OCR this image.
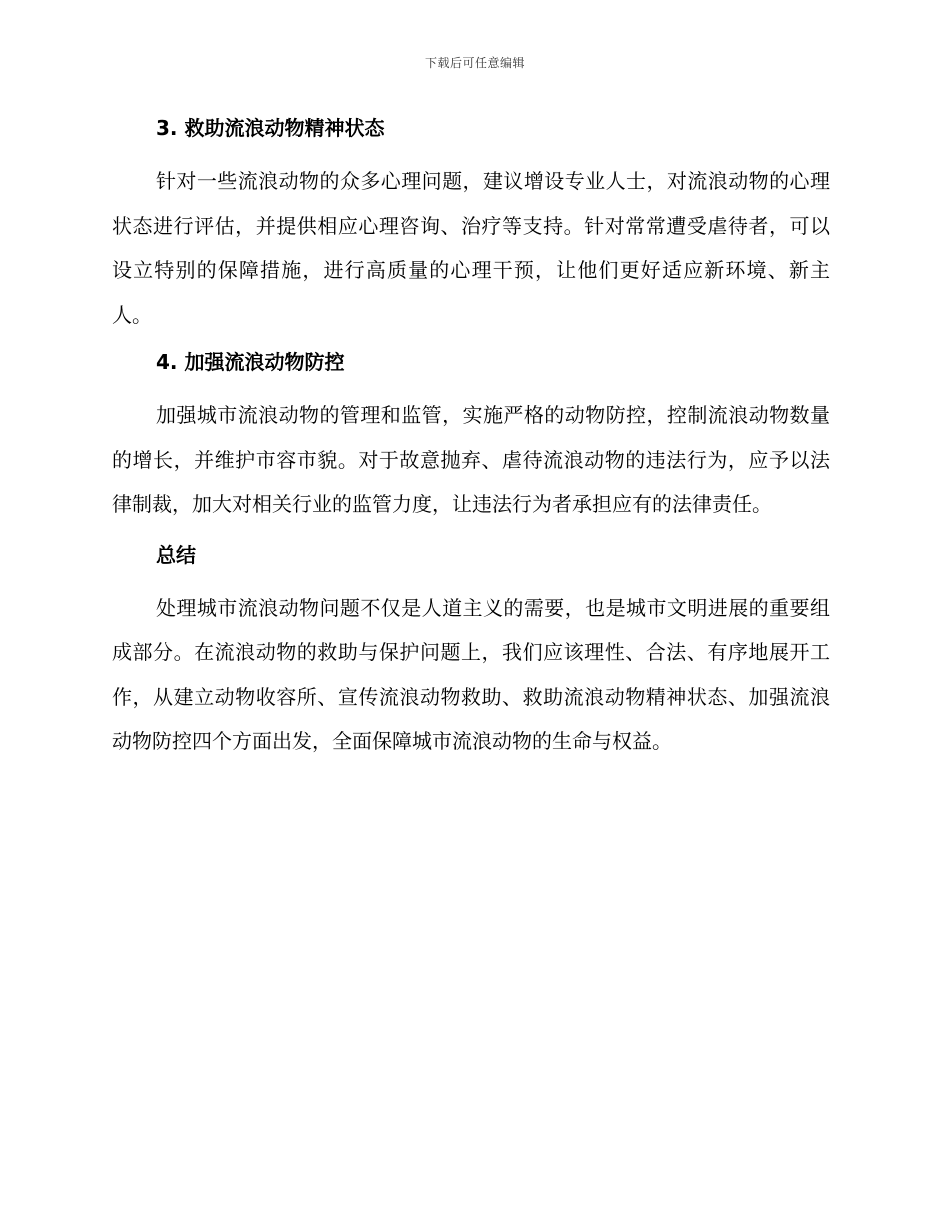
下载后可任意编辑
3. 救助流浪动物精神状态

针对一些流浪动物的众多心理问题，建议增设专业人士，对流浪动物的心理状态进行评估，并提供相应心理咨询、治疗等支持。针对常常遭受虐待者，可以设立特别的保障措施，进行高质量的心理干预，让他们更好适应新环境、新主人。

4. 加强流浪动物防控

加强城市流浪动物的管理和监管，实施严格的动物防控，控制流浪动物数量的增长，并维护市容市貌。对于故意抛弃、虐待流浪动物的违法行为，应予以法律制裁，加大对相关行业的监管力度，让违法行为者承担应有的法律责任。

总结

处理城市流浪动物问题不仅是人道主义的需要，也是城市文明进展的重要组成部分。在流浪动物的救助与保护问题上，我们应该理性、合法、有序地展开工作，从建立动物收容所、宣传流浪动物救助、救助流浪动物精神状态、加强流浪动物防控四个方面出发，全面保障城市流浪动物的生命与权益。
